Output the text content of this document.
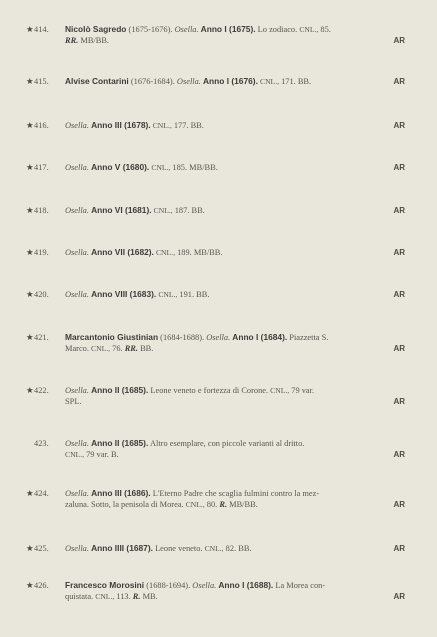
★ 414. Nicolò Sagredo (1675-1676). Osella. Anno I (1675). Lo zodiaco. CNL., 85.
RR. MB/BB.	AR
★ 415. Alvise Contarini (1676-1684). Osella. Anno I (1676). CNL., 171. BB.	AR
★ 416. Osella. Anno III (1678). CNL., 177. BB.	AR
★ 417. Osella. Anno V (1680). CNL., 185. MB/BB.	AR
★ 418. Osella. Anno VI (1681). CNL., 187. BB.	AR
★ 419. Osella. Anno VII (1682). CNL., 189. MB/BB.	AR
★ 420. Osella. Anno VIII (1683). CNL., 191. BB.	AR
★ 421. Marcantonio Giustinian (1684-1688). Osella. Anno I (1684). Piazzetta S.
Marco. CNL., 76. RR. BB.	AR
★ 422. Osella. Anno II (1685). Leone veneto e fortezza di Corone. CNL., 79 var.
SPL.	AR
423. Osella. Anno II (1685). Altro esemplare, con piccole varianti al dritto.
CNL., 79 var. B.	AR
★ 424. Osella. Anno III (1686). L'Eterno Padre che scaglia fulmini contro la mez-
zaluna. Sotto, la penisola di Morea. CNL., 80. R. MB/BB.	AR
★ 425. Osella. Anno IIII (1687). Leone veneto. CNL., 82. BB.	AR
★ 426. Francesco Morosini (1688-1694). Osella. Anno I (1688). La Morea con-
quistata. CNL., 113. R. MB.	AR
